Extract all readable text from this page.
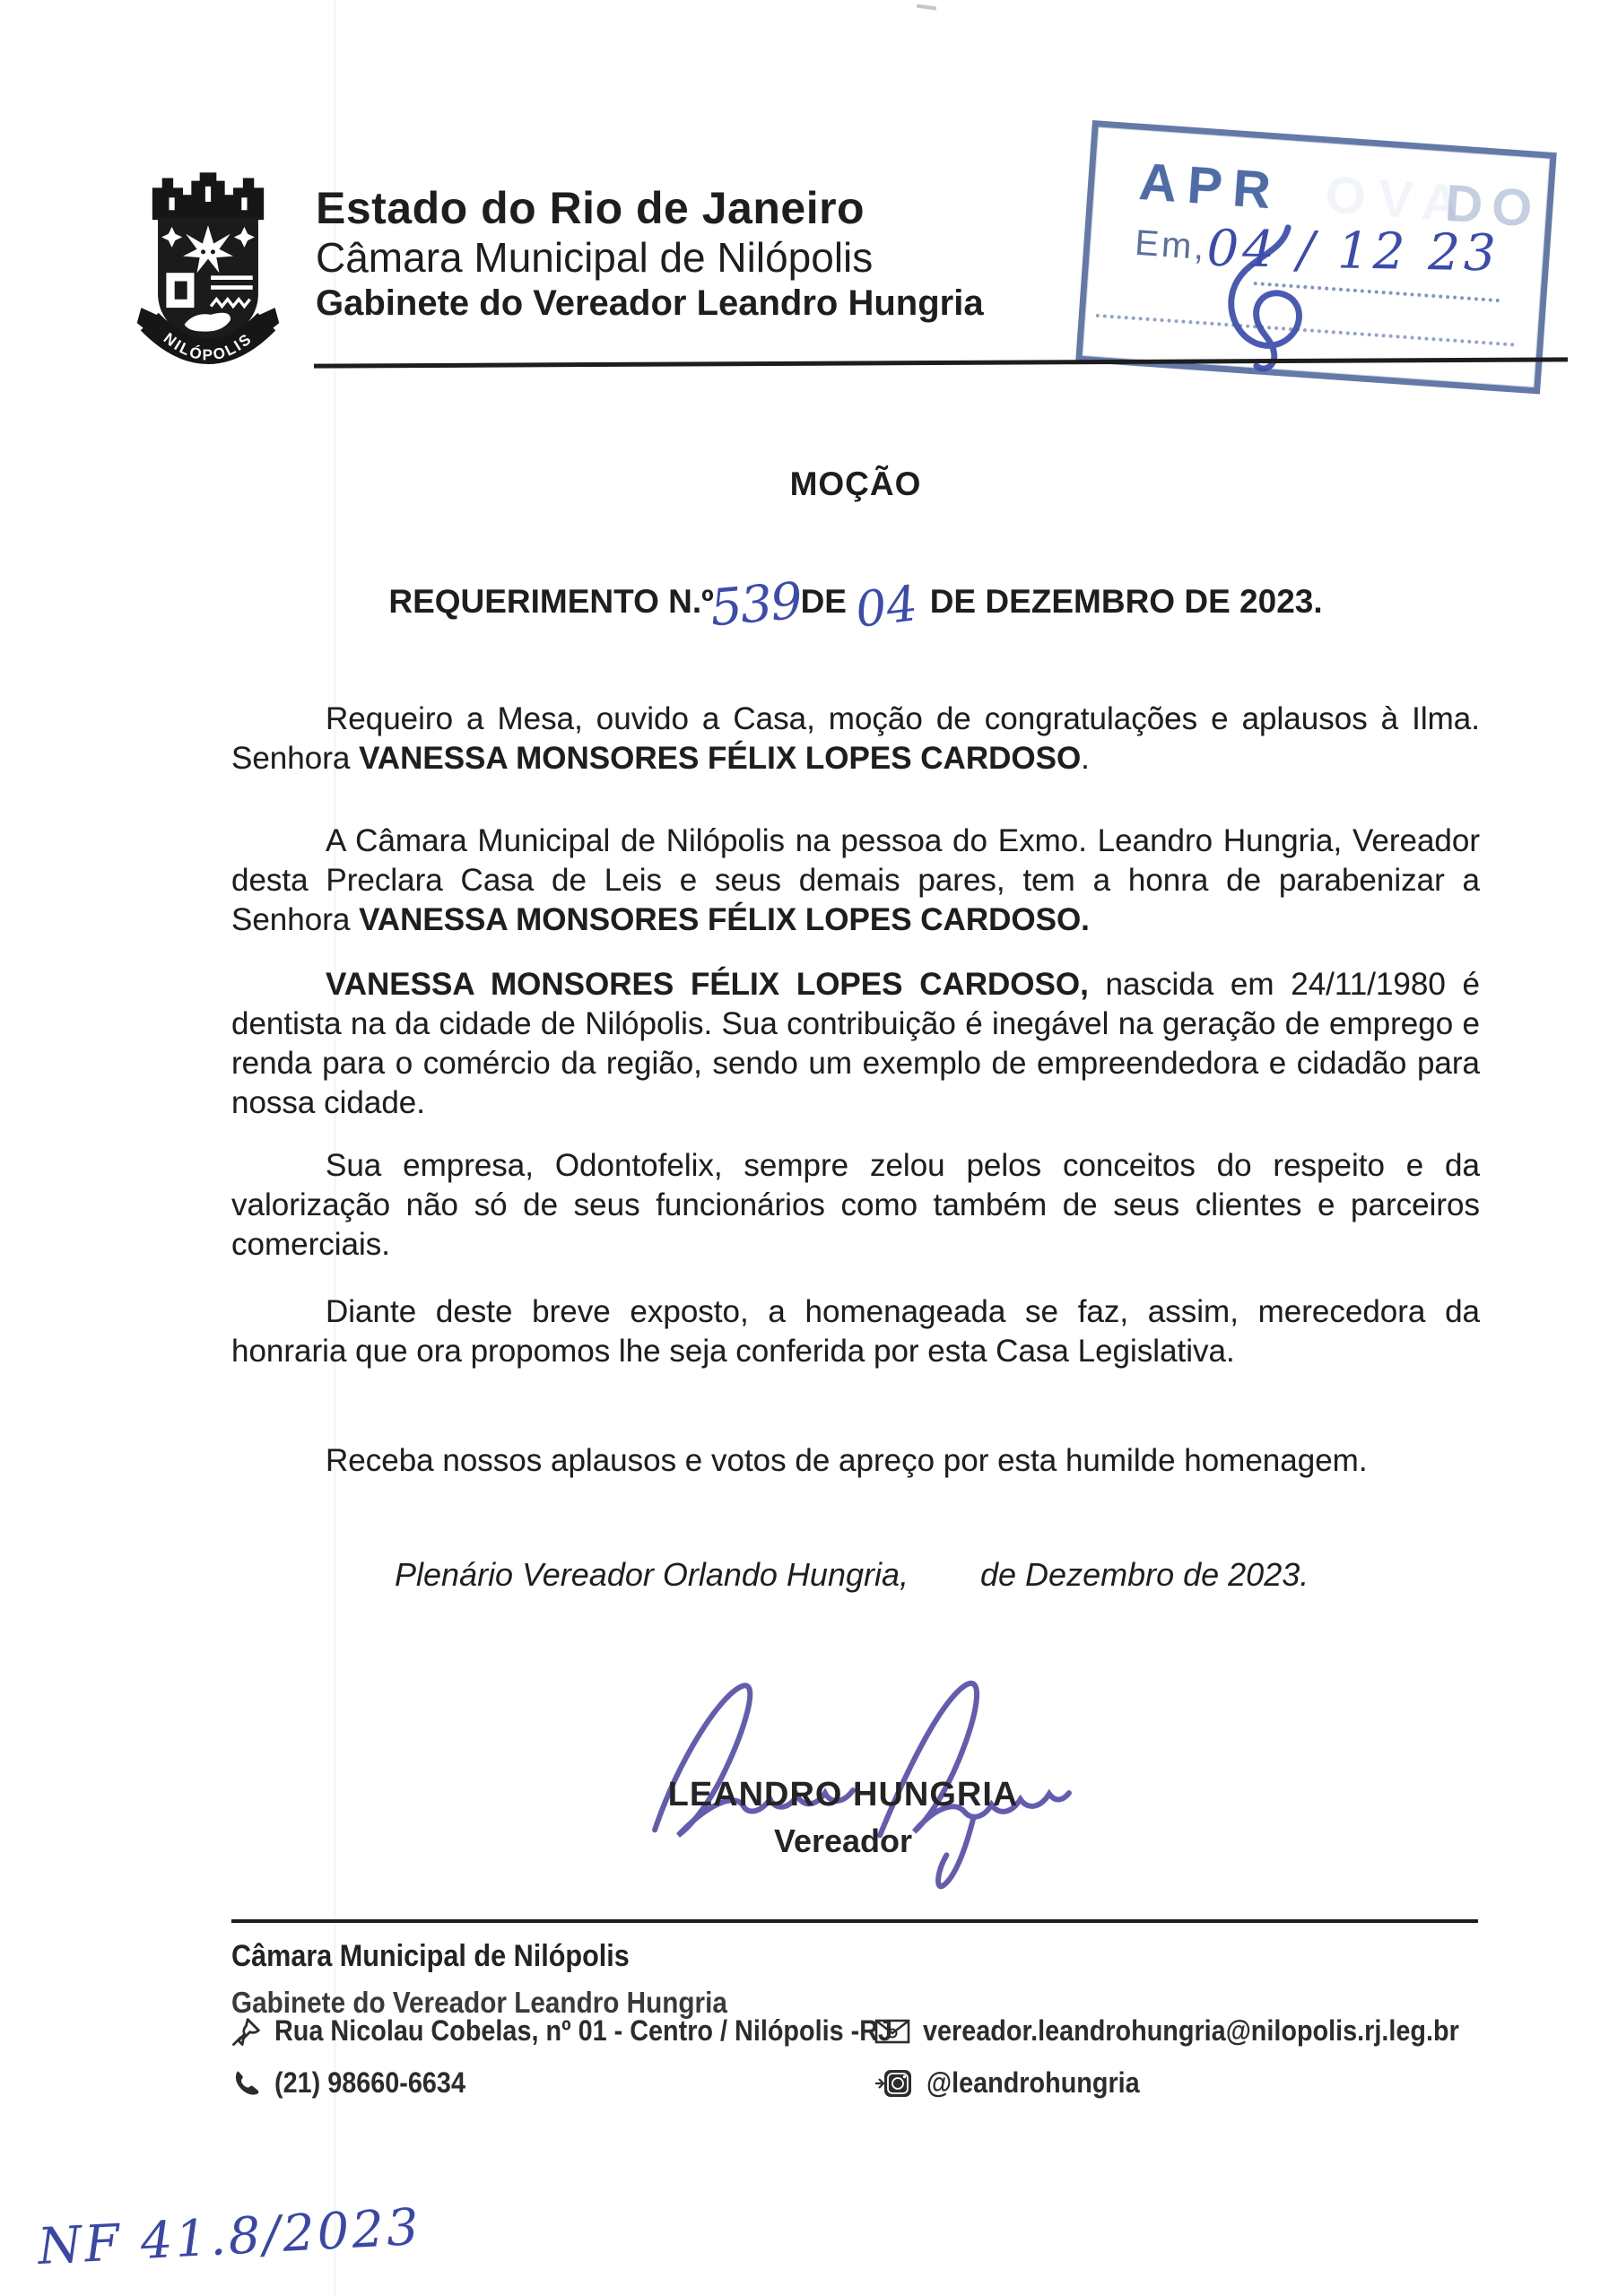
NILÓPOLIS
Estado do Rio de Janeiro
Câmara Municipal de Nilópolis
Gabinete do Vereador Leandro Hungria
APR OVA
DO
Em,
04 / 12 23
MOÇÃO
REQUERIMENTO N.º539DE 04 DE DEZEMBRO DE 2023.

Requeiro a Mesa, ouvido a Casa, moção de congratulações e aplausos à Ilma. Senhora VANESSA MONSORES FÉLIX LOPES CARDOSO.

A Câmara Municipal de Nilópolis na pessoa do Exmo. Leandro Hungria, Vereador desta Preclara Casa de Leis e seus demais pares, tem a honra de parabenizar a Senhora VANESSA MONSORES FÉLIX LOPES CARDOSO.

VANESSA MONSORES FÉLIX LOPES CARDOSO, nascida em 24/11/1980 é dentista na da cidade de Nilópolis. Sua contribuição é inegável na geração de emprego e renda para o comércio da região, sendo um exemplo de empreendedora e cidadão para nossa cidade.

Sua empresa, Odontofelix, sempre zelou pelos conceitos do respeito e da valorização não só de seus funcionários como também de seus clientes e parceiros comerciais.

Diante deste breve exposto, a homenageada se faz, assim, merecedora da honraria que ora propomos lhe seja conferida por esta Casa Legislativa.

Receba nossos aplausos e votos de apreço por esta humilde homenagem.

Plenário Vereador Orlando Hungria, de Dezembro de 2023.
LEANDRO HUNGRIA
Vereador
Câmara Municipal de Nilópolis
Gabinete do Vereador Leandro Hungria
Rua Nicolau Cobelas, nº 01 - Centro / Nilópolis -RJ
(21) 98660-6634
vereador.leandrohungria@nilopolis.rj.leg.br
@leandrohungria
NF 41.8/2023
